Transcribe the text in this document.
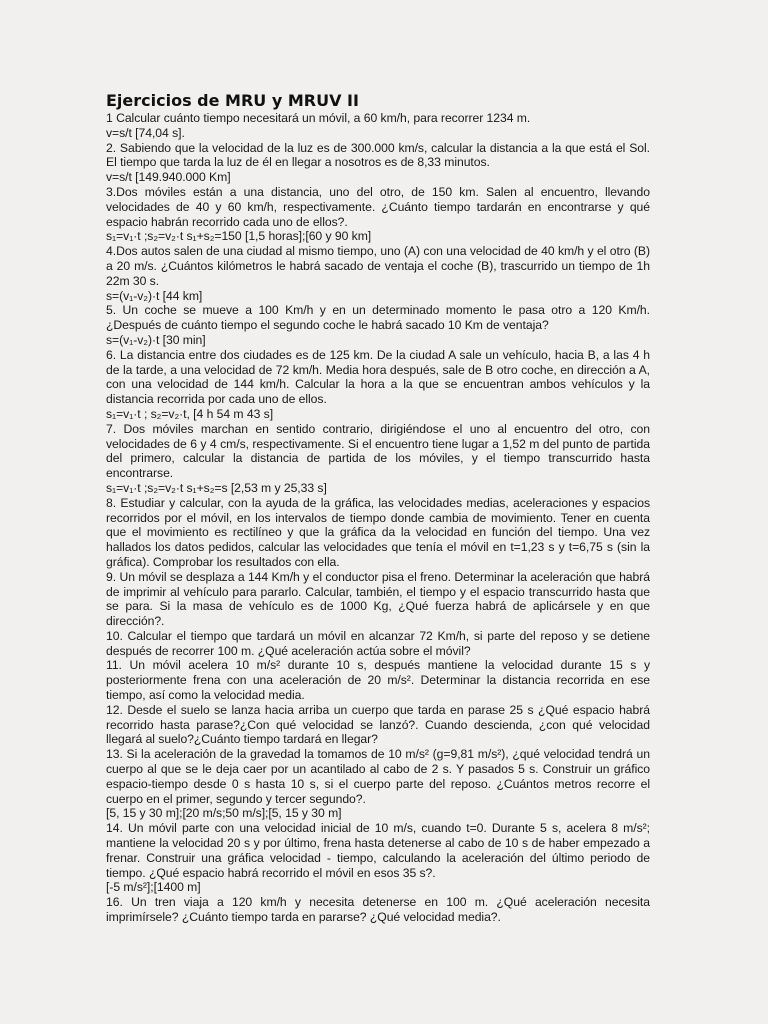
Ejercicios de MRU y MRUV II

1 Calcular cuánto tiempo necesitará un móvil, a 60 km/h, para recorrer 1234 m.

v=s/t [74,04 s].

2. Sabiendo que la velocidad de la luz es de 300.000 km/s, calcular la distancia a la que está el Sol. El tiempo que tarda la luz de él en llegar a nosotros es de 8,33 minutos.

v=s/t [149.940.000 Km]

3.Dos móviles están a una distancia, uno del otro, de 150 km. Salen al encuentro, llevando velocidades de 40 y 60 km/h, respectivamente. ¿Cuánto tiempo tardarán en encontrarse y qué espacio habrán recorrido cada uno de ellos?.

s₁=v₁·t ;s₂=v₂·t s₁+s₂=150 [1,5 horas];[60 y 90 km]

4.Dos autos salen de una ciudad al mismo tiempo, uno (A) con una velocidad de 40 km/h y el otro (B) a 20 m/s. ¿Cuántos kilómetros le habrá sacado de ventaja el coche (B), trascurrido un tiempo de 1h 22m 30 s.

s=(v₁-v₂)·t [44 km]

5. Un coche se mueve a 100 Km/h y en un determinado momento le pasa otro a 120 Km/h. ¿Después de cuánto tiempo el segundo coche le habrá sacado 10 Km de ventaja?

s=(v₁-v₂)·t [30 min]

6. La distancia entre dos ciudades es de 125 km. De la ciudad A sale un vehículo, hacia B, a las 4 h de la tarde, a una velocidad de 72 km/h. Media hora después, sale de B otro coche, en dirección a A, con una velocidad de 144 km/h. Calcular la hora a la que se encuentran ambos vehículos y la distancia recorrida por cada uno de ellos.

s₁=v₁·t ; s₂=v₂·t, [4 h 54 m 43 s]

7. Dos móviles marchan en sentido contrario, dirigiéndose el uno al encuentro del otro, con velocidades de 6 y 4 cm/s, respectivamente. Si el encuentro tiene lugar a 1,52 m del punto de partida del primero, calcular la distancia de partida de los móviles, y el tiempo transcurrido hasta encontrarse.

s₁=v₁·t ;s₂=v₂·t s₁+s₂=s [2,53 m y 25,33 s]

8. Estudiar y calcular, con la ayuda de la gráfica, las velocidades medias, aceleraciones y espacios recorridos por el móvil, en los intervalos de tiempo donde cambia de movimiento. Tener en cuenta que el movimiento es rectilíneo y que la gráfica da la velocidad en función del tiempo. Una vez hallados los datos pedidos, calcular las velocidades que tenía el móvil en t=1,23 s y t=6,75 s (sin la gráfica). Comprobar los resultados con ella.

9. Un móvil se desplaza a 144 Km/h y el conductor pisa el freno. Determinar la aceleración que habrá de imprimir al vehículo para pararlo. Calcular, también, el tiempo y el espacio transcurrido hasta que se para. Si la masa de vehículo es de 1000 Kg, ¿Qué fuerza habrá de aplicársele y en que dirección?.

10. Calcular el tiempo que tardará un móvil en alcanzar 72 Km/h, si parte del reposo y se detiene después de recorrer 100 m. ¿Qué aceleración actúa sobre el móvil?

11. Un móvil acelera 10 m/s² durante 10 s, después mantiene la velocidad durante 15 s y posteriormente frena con una aceleración de 20 m/s². Determinar la distancia recorrida en ese tiempo, así como la velocidad media.

12. Desde el suelo se lanza hacia arriba un cuerpo que tarda en parase 25 s ¿Qué espacio habrá recorrido hasta parase?¿Con qué velocidad se lanzó?. Cuando descienda, ¿con qué velocidad llegará al suelo?¿Cuánto tiempo tardará en llegar?

13. Si la aceleración de la gravedad la tomamos de 10 m/s² (g=9,81 m/s²), ¿qué velocidad tendrá un cuerpo al que se le deja caer por un acantilado al cabo de 2 s. Y pasados 5 s. Construir un gráfico espacio-tiempo desde 0 s hasta 10 s, si el cuerpo parte del reposo. ¿Cuántos metros recorre el cuerpo en el primer, segundo y tercer segundo?.

[5, 15 y 30 m];[20 m/s;50 m/s];[5, 15 y 30 m]

14. Un móvil parte con una velocidad inicial de 10 m/s, cuando t=0. Durante 5 s, acelera 8 m/s²; mantiene la velocidad 20 s y por último, frena hasta detenerse al cabo de 10 s de haber empezado a frenar. Construir una gráfica velocidad - tiempo, calculando la aceleración del último periodo de tiempo. ¿Qué espacio habrá recorrido el móvil en esos 35 s?.

[-5 m/s²];[1400 m]

16. Un tren viaja a 120 km/h y necesita detenerse en 100 m. ¿Qué aceleración necesita imprimírsele? ¿Cuánto tiempo tarda en pararse? ¿Qué velocidad media?.
